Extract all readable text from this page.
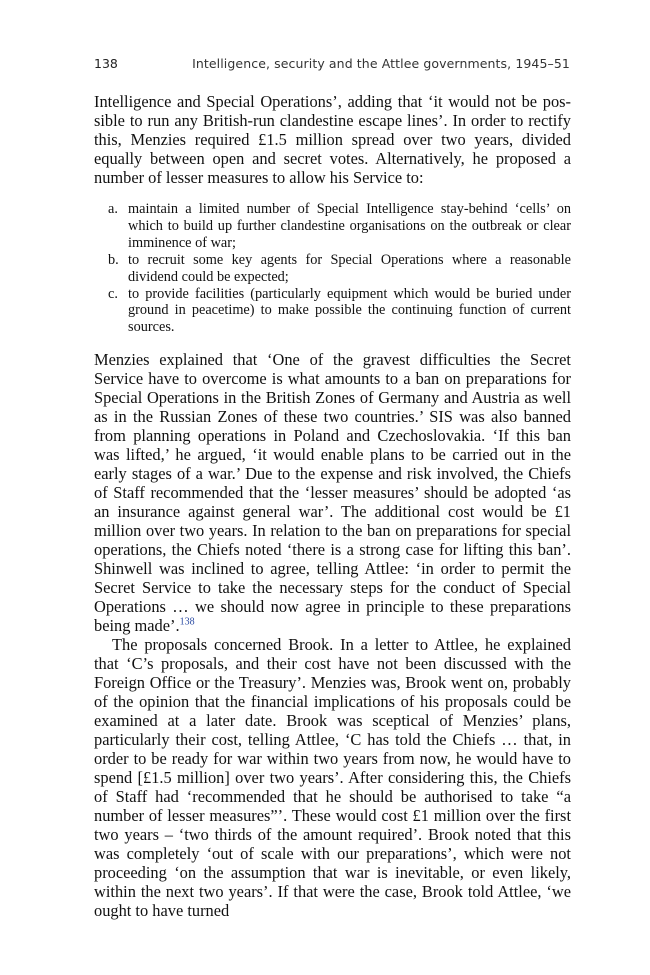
138	Intelligence, security and the Attlee governments, 1945–51

Intelligence and Special Operations’, adding that ‘it would not be possible to run any British-run clandestine escape lines’. In order to rectify this, Menzies required £1.5 million spread over two years, divided equally between open and secret votes. Alternatively, he proposed a number of lesser measures to allow his Service to:

a. maintain a limited number of Special Intelligence stay-behind ‘cells’ on which to build up further clandestine organisations on the outbreak or clear imminence of war;
b. to recruit some key agents for Special Operations where a reasonable dividend could be expected;
c. to provide facilities (particularly equipment which would be buried under ground in peacetime) to make possible the continuing function of current sources.

Menzies explained that ‘One of the gravest difficulties the Secret Service have to overcome is what amounts to a ban on preparations for Special Operations in the British Zones of Germany and Austria as well as in the Russian Zones of these two countries.’ SIS was also banned from planning operations in Poland and Czechoslovakia. ‘If this ban was lifted,’ he argued, ‘it would enable plans to be carried out in the early stages of a war.’ Due to the expense and risk involved, the Chiefs of Staff recommended that the ‘lesser measures’ should be adopted ‘as an insurance against general war’. The additional cost would be £1 million over two years. In relation to the ban on preparations for special operations, the Chiefs noted ‘there is a strong case for lifting this ban’. Shinwell was inclined to agree, telling Attlee: ‘in order to permit the Secret Service to take the necessary steps for the conduct of Special Operations … we should now agree in principle to these preparations being made’.$^{138}$

The proposals concerned Brook. In a letter to Attlee, he explained that ‘C’s proposals, and their cost have not been discussed with the Foreign Office or the Treasury’. Menzies was, Brook went on, probably of the opinion that the financial implications of his proposals could be examined at a later date. Brook was sceptical of Menzies’ plans, particularly their cost, telling Attlee, ‘C has told the Chiefs … that, in order to be ready for war within two years from now, he would have to spend [£1.5 million] over two years’. After considering this, the Chiefs of Staff had ‘recommended that he should be authorised to take “a number of lesser measures”’. These would cost £1 million over the first two years – ‘two thirds of the amount required’. Brook noted that this was completely ‘out of scale with our preparations’, which were not proceeding ‘on the assumption that war is inevitable, or even likely, within the next two years’. If that were the case, Brook told Attlee, ‘we ought to have turned
